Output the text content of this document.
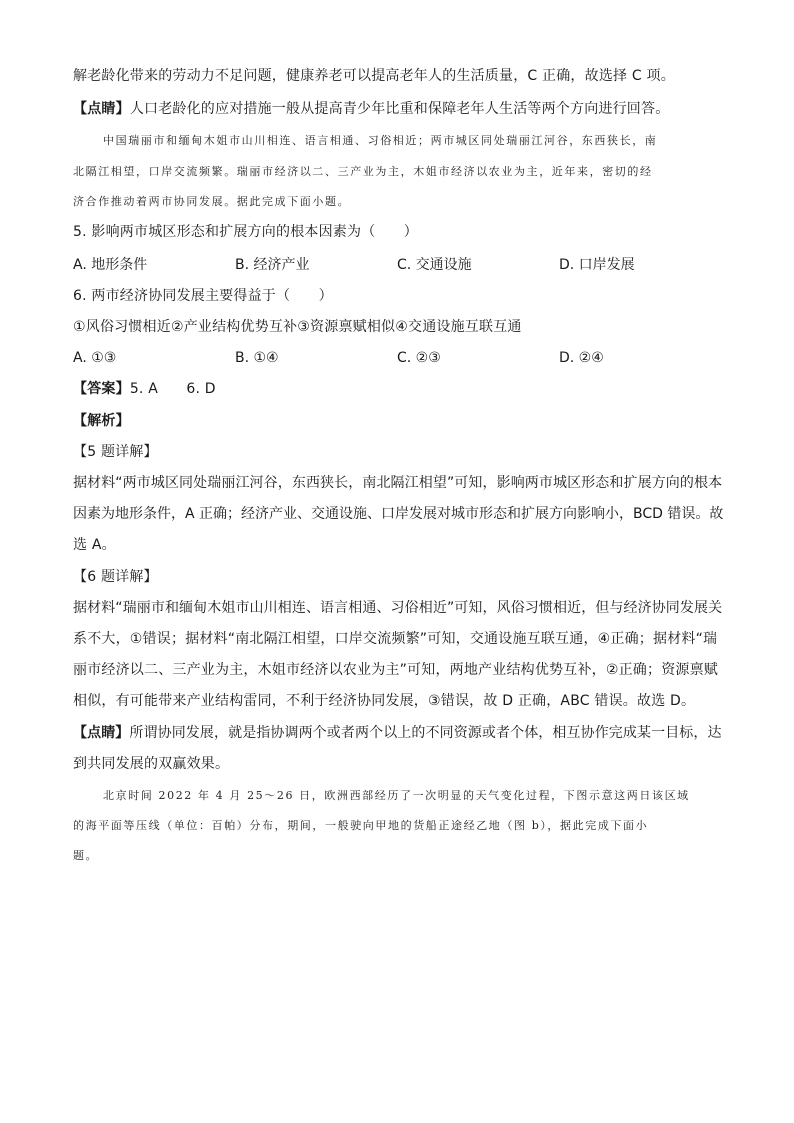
解老龄化带来的劳动力不足问题，健康养老可以提高老年人的生活质量，C 正确，故选择 C 项。
【点睛】人口老龄化的应对措施一般从提高青少年比重和保障老年人生活等两个方向进行回答。
中国瑞丽市和缅甸木姐市山川相连、语言相通、习俗相近；两市城区同处瑞丽江河谷，东西狭长，南
北隔江相望，口岸交流频繁。瑞丽市经济以二、三产业为主，木姐市经济以农业为主，近年来，密切的经
济合作推动着两市协同发展。据此完成下面小题。
5. 影响两市城区形态和扩展方向的根本因素为（　　）
A. 地形条件	B. 经济产业	C. 交通设施	D. 口岸发展
6. 两市经济协同发展主要得益于（　　）
①风俗习惯相近②产业结构优势互补③资源禀赋相似④交通设施互联互通
A. ①③	B. ①④	C. ②③	D. ②④
【答案】5. A　　6. D
【解析】
【5 题详解】
据材料“两市城区同处瑞丽江河谷，东西狭长，南北隔江相望”可知，影响两市城区形态和扩展方向的根本
因素为地形条件，A 正确；经济产业、交通设施、口岸发展对城市形态和扩展方向影响小，BCD 错误。故
选 A。
【6 题详解】
据材料“瑞丽市和缅甸木姐市山川相连、语言相通、习俗相近”可知，风俗习惯相近，但与经济协同发展关
系不大，①错误；据材料“南北隔江相望，口岸交流频繁”可知，交通设施互联互通，④正确；据材料“瑞
丽市经济以二、三产业为主，木姐市经济以农业为主”可知，两地产业结构优势互补，②正确；资源禀赋
相似，有可能带来产业结构雷同，不利于经济协同发展，③错误，故 D 正确，ABC 错误。故选 D。
【点睛】所谓协同发展，就是指协调两个或者两个以上的不同资源或者个体，相互协作完成某一目标，达
到共同发展的双赢效果。
北京时间 2022 年 4 月 25～26 日，欧洲西部经历了一次明显的天气变化过程，下图示意这两日该区域
的海平面等压线（单位：百帕）分布，期间，一般驶向甲地的货船正途经乙地（图 b），据此完成下面小
题。
